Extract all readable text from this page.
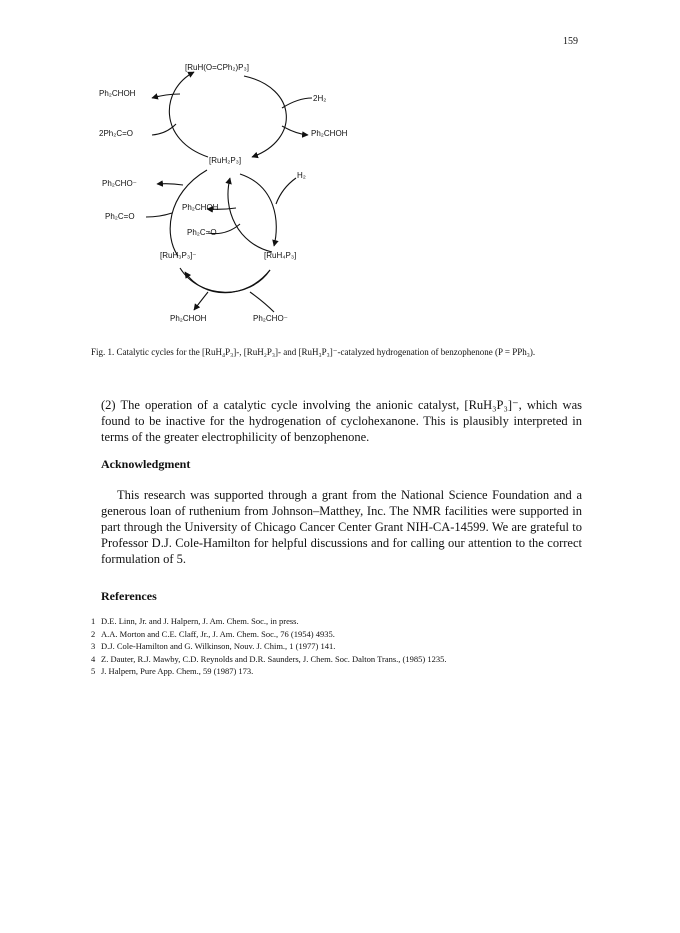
159
[RuH(O=CPh₂)P₃]
Ph₂CHOH
2H₂
2Ph₂C=O	Ph₂CHOH
[RuH₂P₃]
Ph₂CHO⁻
H₂
Ph₂CHOH
Ph₂C=O
Ph₂C=O
[RuH₃P₃]⁻	[RuH₄P₃]
Ph₂CHOH	Ph₂CHO⁻
Fig. 1. Catalytic cycles for the [RuH₄P₃]-, [RuH₂P₃]- and [RuH₃P₃]⁻-catalyzed hydrogenation of benzophenone (P = PPh₃).

(2) The operation of a catalytic cycle involving the anionic catalyst, [RuH₃P₃]⁻, which was found to be inactive for the hydrogenation of cyclohexanone. This is plausibly interpreted in terms of the greater electrophilicity of benzophenone.

Acknowledgment

This research was supported through a grant from the National Science Foundation and a generous loan of ruthenium from Johnson–Matthey, Inc. The NMR facilities were supported in part through the University of Chicago Cancer Center Grant NIH-CA-14599. We are grateful to Professor D.J. Cole-Hamilton for helpful discussions and for calling our attention to the correct formulation of 5.

References
1 D.E. Linn, Jr. and J. Halpern, J. Am. Chem. Soc., in press.
2 A.A. Morton and C.E. Claff, Jr., J. Am. Chem. Soc., 76 (1954) 4935.
3 D.J. Cole-Hamilton and G. Wilkinson, Nouv. J. Chim., 1 (1977) 141.
4 Z. Dauter, R.J. Mawby, C.D. Reynolds and D.R. Saunders, J. Chem. Soc. Dalton Trans., (1985) 1235.
5 J. Halpern, Pure App. Chem., 59 (1987) 173.
